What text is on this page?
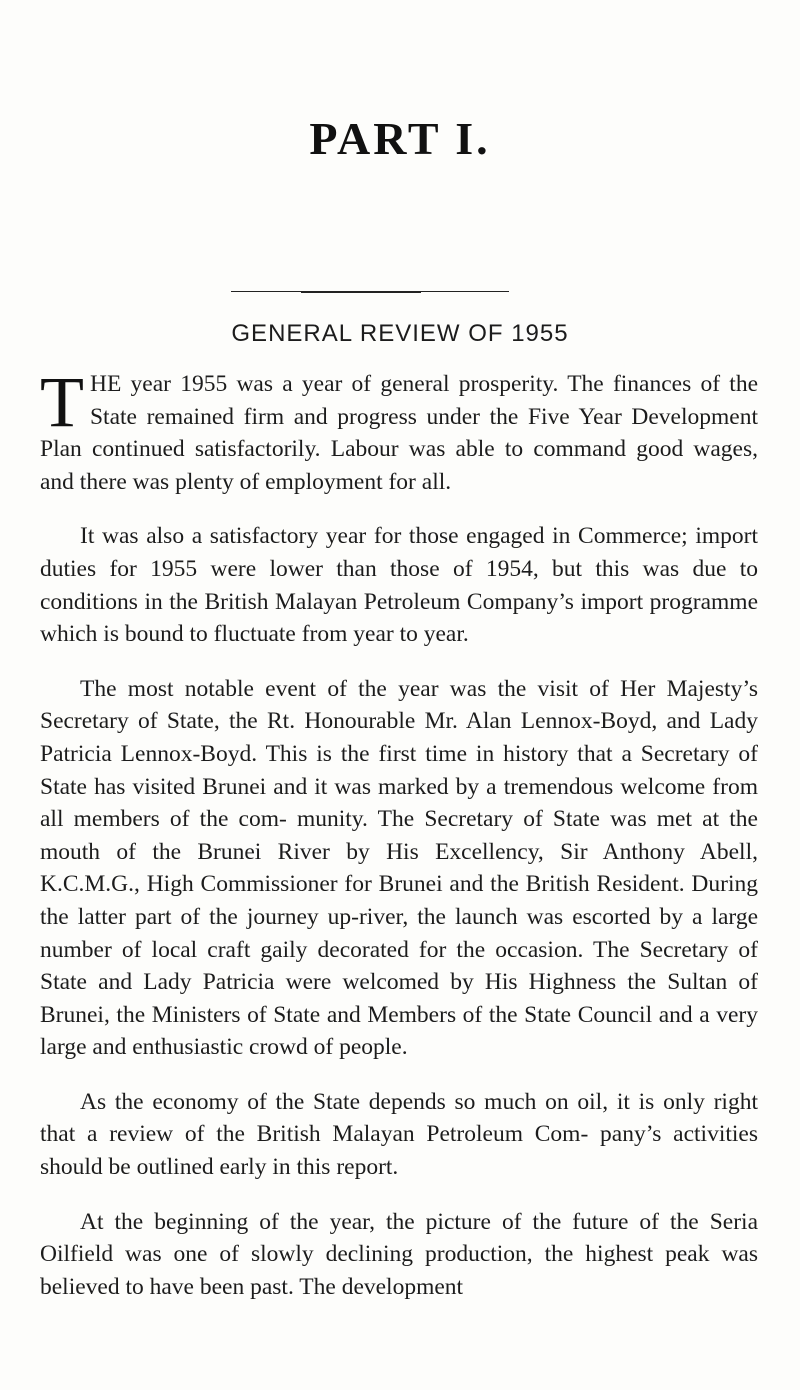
PART I.
GENERAL REVIEW OF 1955

THE year 1955 was a year of general prosperity. The finances of the State remained firm and progress under the Five Year Development Plan continued satisfactorily. Labour was able to command good wages, and there was plenty of employment for all.

It was also a satisfactory year for those engaged in Commerce; import duties for 1955 were lower than those of 1954, but this was due to conditions in the British Malayan Petroleum Company’s import programme which is bound to fluctuate from year to year.

The most notable event of the year was the visit of Her Majesty’s Secretary of State, the Rt. Honourable Mr. Alan Lennox-Boyd, and Lady Patricia Lennox-Boyd. This is the first time in history that a Secretary of State has visited Brunei and it was marked by a tremendous welcome from all members of the com- munity. The Secretary of State was met at the mouth of the Brunei River by His Excellency, Sir Anthony Abell, K.C.M.G., High Commissioner for Brunei and the British Resident. During the latter part of the journey up-river, the launch was escorted by a large number of local craft gaily decorated for the occasion. The Secretary of State and Lady Patricia were welcomed by His Highness the Sultan of Brunei, the Ministers of State and Members of the State Council and a very large and enthusiastic crowd of people.

As the economy of the State depends so much on oil, it is only right that a review of the British Malayan Petroleum Com- pany’s activities should be outlined early in this report.

At the beginning of the year, the picture of the future of the Seria Oilfield was one of slowly declining production, the highest peak was believed to have been past. The development
